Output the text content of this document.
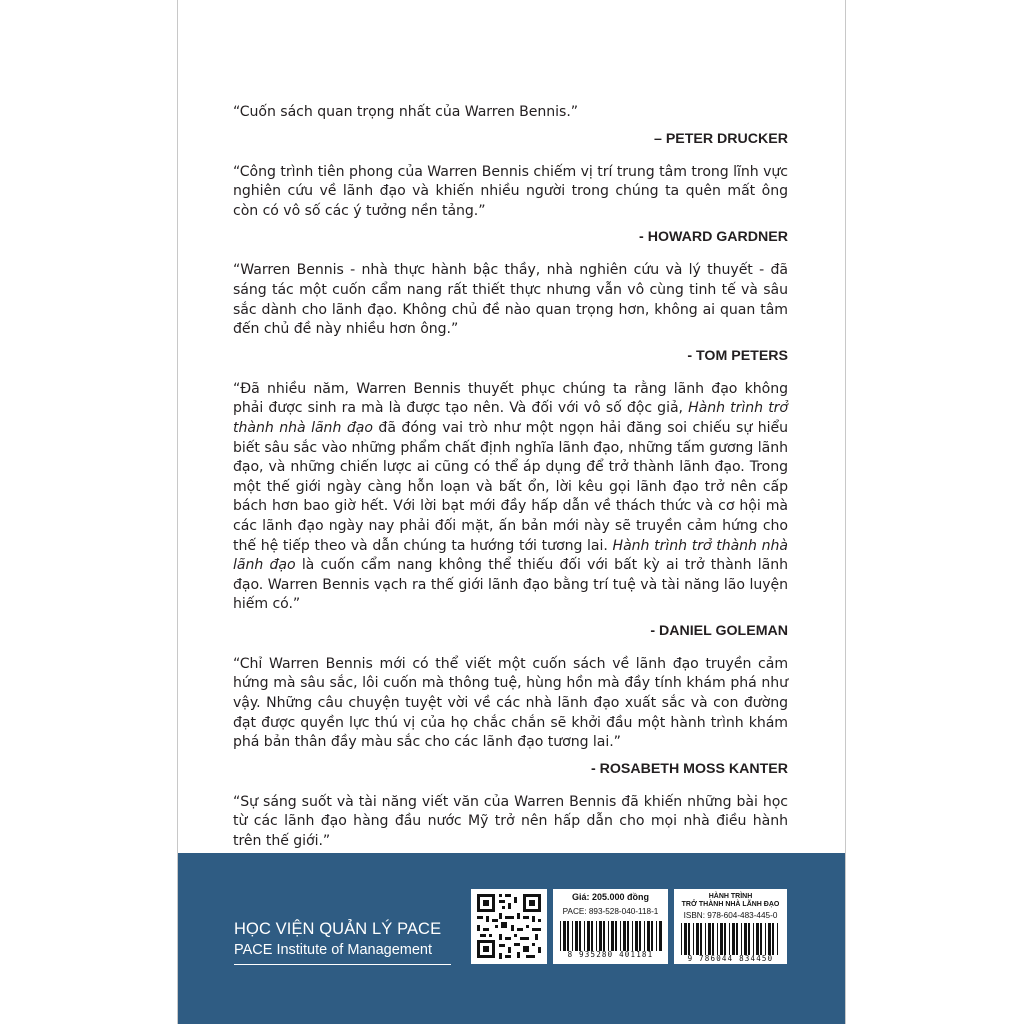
“Cuốn sách quan trọng nhất của Warren Bennis.”

– PETER DRUCKER

“Công trình tiên phong của Warren Bennis chiếm vị trí trung tâm trong lĩnh vực nghiên cứu về lãnh đạo và khiến nhiều người trong chúng ta quên mất ông còn có vô số các ý tưởng nền tảng.”

- HOWARD GARDNER

“Warren Bennis - nhà thực hành bậc thầy, nhà nghiên cứu và lý thuyết - đã sáng tác một cuốn cẩm nang rất thiết thực nhưng vẫn vô cùng tinh tế và sâu sắc dành cho lãnh đạo. Không chủ đề nào quan trọng hơn, không ai quan tâm đến chủ đề này nhiều hơn ông.”

- TOM PETERS

“Đã nhiều năm, Warren Bennis thuyết phục chúng ta rằng lãnh đạo không phải được sinh ra mà là được tạo nên. Và đối với vô số độc giả, Hành trình trở thành nhà lãnh đạo đã đóng vai trò như một ngọn hải đăng soi chiếu sự hiểu biết sâu sắc vào những phẩm chất định nghĩa lãnh đạo, những tấm gương lãnh đạo, và những chiến lược ai cũng có thể áp dụng để trở thành lãnh đạo. Trong một thế giới ngày càng hỗn loạn và bất ổn, lời kêu gọi lãnh đạo trở nên cấp bách hơn bao giờ hết. Với lời bạt mới đầy hấp dẫn về thách thức và cơ hội mà các lãnh đạo ngày nay phải đối mặt, ấn bản mới này sẽ truyền cảm hứng cho thế hệ tiếp theo và dẫn chúng ta hướng tới tương lai. Hành trình trở thành nhà lãnh đạo là cuốn cẩm nang không thể thiếu đối với bất kỳ ai trở thành lãnh đạo. Warren Bennis vạch ra thế giới lãnh đạo bằng trí tuệ và tài năng lão luyện hiếm có.”

- DANIEL GOLEMAN

“Chỉ Warren Bennis mới có thể viết một cuốn sách về lãnh đạo truyền cảm hứng mà sâu sắc, lôi cuốn mà thông tuệ, hùng hồn mà đầy tính khám phá như vậy. Những câu chuyện tuyệt vời về các nhà lãnh đạo xuất sắc và con đường đạt được quyền lực thú vị của họ chắc chắn sẽ khởi đầu một hành trình khám phá bản thân đầy màu sắc cho các lãnh đạo tương lai.”

- ROSABETH MOSS KANTER

“Sự sáng suốt và tài năng viết văn của Warren Bennis đã khiến những bài học từ các lãnh đạo hàng đầu nước Mỹ trở nên hấp dẫn cho mọi nhà điều hành trên thế giới.”

HỌC VIỆN QUẢN LÝ PACE
PACE Institute of Management
Giá: 205.000 đồng
PACE: 893-528-040-118-1
8 935280 401181
HÀNH TRÌNH
TRỞ THÀNH NHÀ LÃNH ĐẠO
ISBN: 978-604-483-445-0
9 786044 834450
